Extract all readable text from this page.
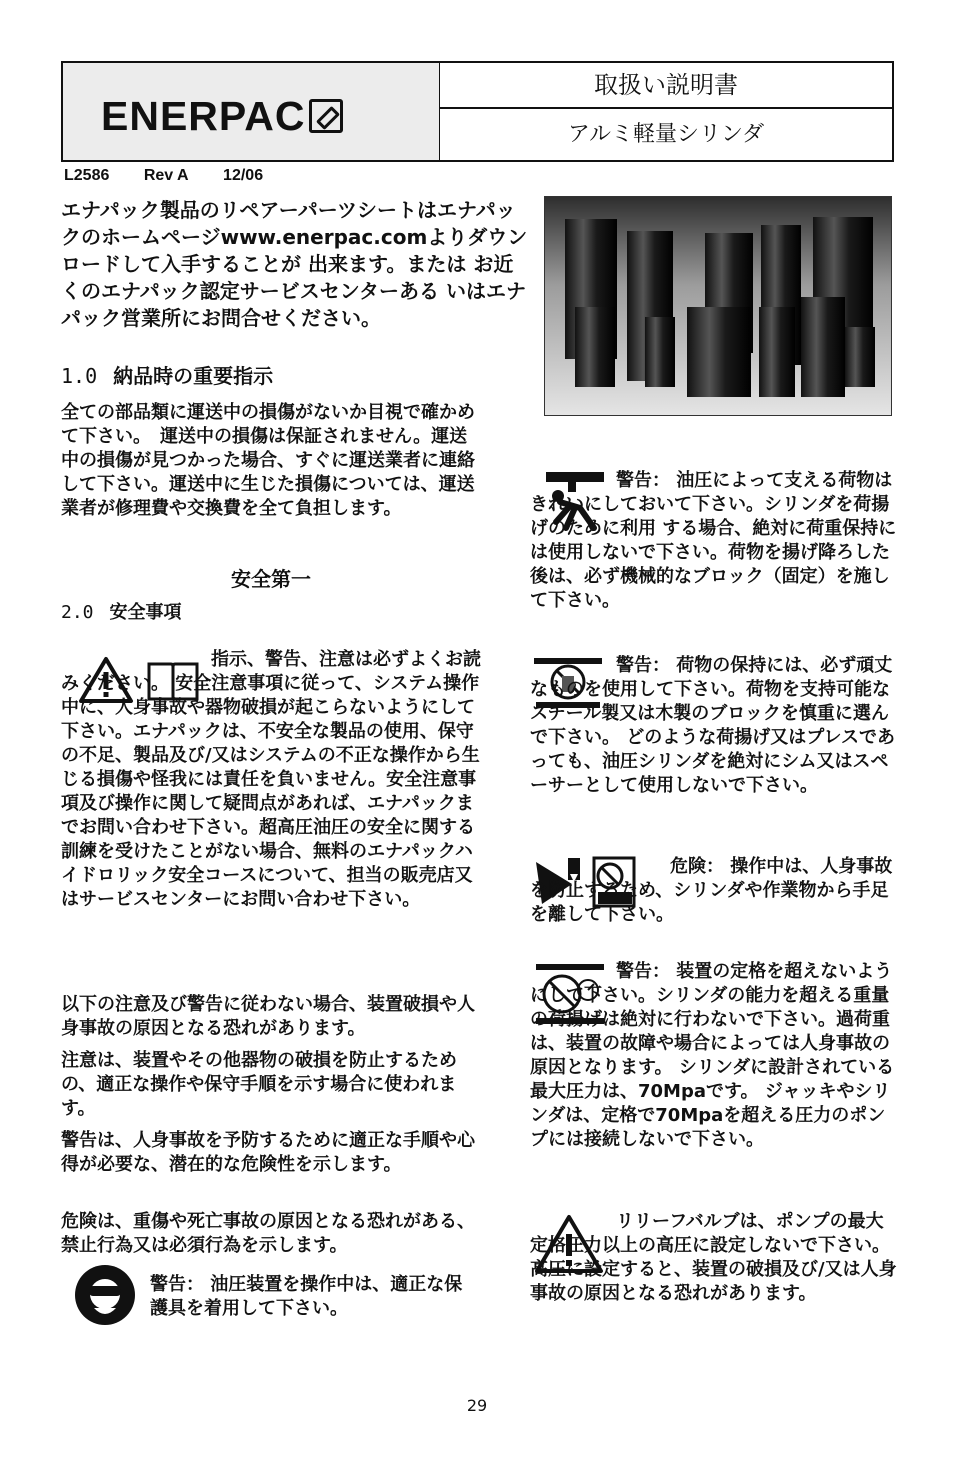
ENERPAC
取扱い説明書
アルミ軽量シリンダ
L2586 Rev A 12/06

エナパック製品のリペアーパーツシートはエナパックのホームページwww.enerpac.comよりダウンロードして入手することが 出来ます。または お近くのエナパック認定サービスセンターある いはエナパック営業所にお問合せください。

1.0 納品時の重要指示

全ての部品類に運送中の損傷がないか目視で確かめて下さい。　運送中の損傷は保証されません。運送中の損傷が見つかった場合、すぐに運送業者に連絡して下さい。運送中に生じた損傷については、運送業者が修理費や交換費を全て負担します。

安全第一
2.0 安全事項

指示、警告、注意は必ずよくお読みください。 安全注意事項に従って、システム操作中に、人身事故や器物破損が起こらないようにして下さい。エナパックは、不安全な製品の使用、保守の不足、製品及び/又はシステムの不正な操作から生じる損傷や怪我には責任を負いません。安全注意事項及び操作に関して疑問点があれば、エナパックまでお問い合わせ下さい。超高圧油圧の安全に関する訓練を受けたことがない場合、無料のエナパックハイドロリック安全コースについて、担当の販売店又はサービスセンターにお問い合わせ下さい。

以下の注意及び警告に従わない場合、装置破損や人身事故の原因となる恐れがあります。

注意は、装置やその他器物の破損を防止するための、適正な操作や保守手順を示す場合に使われます。

警告は、人身事故を予防するために適正な手順や心得が必要な、潜在的な危険性を示します。

危険は、重傷や死亡事故の原因となる恐れがある、禁止行為又は必須行為を示します。

警告： 油圧装置を操作中は、適正な保護具を着用して下さい。

警告： 油圧によって支える荷物はきれいにしておいて下さい。シリンダを荷揚げのために利用 する場合、絶対に荷重保持には使用しないで下さい。荷物を揚げ降ろした後は、必ず機械的なブロック（固定）を施して下さい。

警告： 荷物の保持には、必ず頑丈なものを使用して下さい。荷物を支持可能なスチール製又は木製のブロックを慎重に選んで下さい。 どのような荷揚げ又はプレスであっても、油圧シリンダを絶対にシム又はスペーサーとして使用しないで下さい。

危険： 操作中は、人身事故を防止するため、シリンダや作業物から手足を離して下さい。

警告： 装置の定格を超えないようにして下さい。シリンダの能力を超える重量の荷揚げは絶対に行わないで下さい。過荷重は、装置の故障や場合によっては人身事故の原因となります。 シリンダに設計されている最大圧力は、70Mpaです。 ジャッキやシリンダは、定格で70Mpaを超える圧力のポンプには接続しないで下さい。

リリーフバルブは、ポンプの最大定格圧力以上の高圧に設定しないで下さい。 高圧に設定すると、装置の破損及び/又は人身事故の原因となる恐れがあります。

29
